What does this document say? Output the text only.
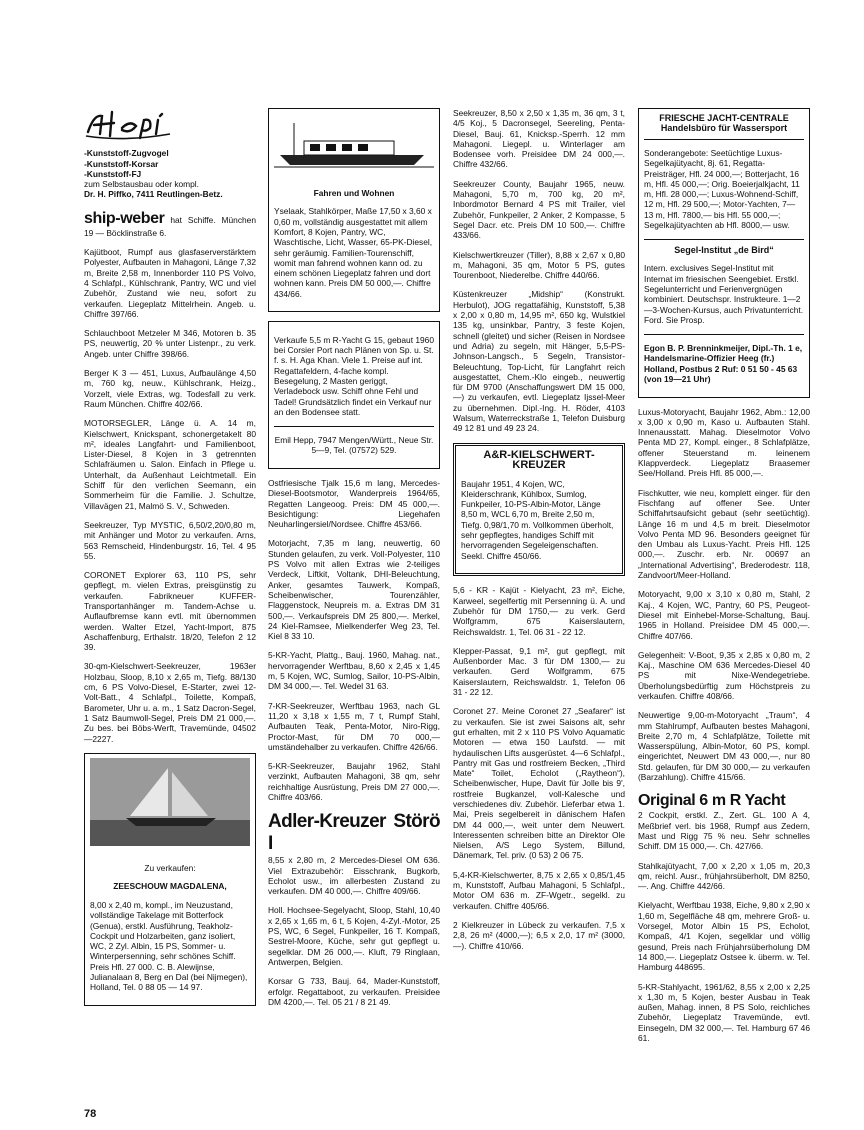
-Kunststoff-Zugvogel

-Kunststoff-Korsar

-Kunststoff-FJ

zum Selbstausbau oder kompl.

Dr. H. Piffko, 7411 Reutlingen-Betz.

ship-weber hat Schiffe. München 19 — Böcklinstraße 6.
Kajütboot, Rumpf aus glasfaserverstärktem Polyester, Aufbauten in Mahagoni, Länge 7,32 m, Breite 2,58 m, Innenborder 110 PS Volvo, 4 Schlafpl., Kühlschrank, Pantry, WC und viel Zubehör, Zustand wie neu, sofort zu verkaufen. Liegeplatz Mittelrhein. Angeb. u. Chiffre 397/66.
Schlauchboot Metzeler M 346, Motoren b. 35 PS, neuwertig, 20 % unter Listenpr., zu verk. Angeb. unter Chiffre 398/66.
Berger K 3 — 451, Luxus, Aufbaulänge 4,50 m, 760 kg, neuw., Kühlschrank, Heizg., Vorzelt, viele Extras, wg. Todesfall zu verk. Raum München. Chiffre 402/66.
MOTORSEGLER, Länge ü. A. 14 m, Kielschwert, Knickspant, schonergetakelt 80 m², ideales Langfahrt- und Familienboot, Lister-Diesel, 8 Kojen in 3 getrennten Schlafräumen u. Salon. Einfach in Pflege u. Unterhalt, da Außenhaut Leichtmetall. Ein Schiff für den verlichen Seemann, ein Sommerheim für die Familie. J. Schultze, Villavägen 21, Malmö S. V., Schweden.
Seekreuzer, Typ MYSTIC, 6,50/2,20/0,80 m, mit Anhänger und Motor zu verkaufen. Arns, 563 Remscheid, Hindenburgstr. 16, Tel. 4 95 55.
CORONET Explorer 63, 110 PS, sehr gepflegt, m. vielen Extras, preisgünstig zu verkaufen. Fabrikneuer KUFFER-Transportanhänger m. Tandem-Achse u. Auflaufbremse kann evtl. mit übernommen werden. Walter Etzel, Yacht-Import, 875 Aschaffenburg, Erthalstr. 18/20, Telefon 2 12 39.
30-qm-Kielschwert-Seekreuzer, 1963er Holzbau, Sloop, 8,10 x 2,65 m, Tiefg. 88/130 cm, 6 PS Volvo-Diesel, E-Starter, zwei 12-Volt-Batt., 4 Schlafpl., Toilette, Kompaß, Barometer, Uhr u. a. m., 1 Satz Dacron-Segel, 1 Satz Baumwoll-Segel, Preis DM 21 000,—. Zu bes. bei Böbs-Werft, Travemünde, 04502—2227.

Zu verkaufen:

ZEESCHOUW MAGDALENA,

8,00 x 2,40 m, kompl., im Neuzustand, vollständige Takelage mit Botterfock (Genua), erstkl. Ausführung, Teakholz-Cockpit und Holzarbeiten, ganz isoliert, WC, 2 Zyl. Albin, 15 PS, Sommer- u. Winterpersenning, sehr schönes Schiff. Preis Hfl. 27 000. C. B. Alewijnse, Julianalaan 8, Berg en Dal (bei Nijmegen), Holland, Tel. 0 88 05 — 14 97.

Fahren und Wohnen

Yselaak, Stahlkörper, Maße 17,50 x 3,60 x 0,60 m, vollständig ausgestattet mit allem Komfort, 8 Kojen, Pantry, WC, Waschtische, Licht, Wasser, 65-PK-Diesel, sehr geräumig. Familien-Tourenschiff, womit man fahrend wohnen kann od. zu einem schönen Liegeplatz fahren und dort wohnen kann. Preis DM 50 000,—. Chiffre 434/66.

Verkaufe 5,5 m R-Yacht G 15, gebaut 1960 bei Corsier Port nach Plänen von Sp. u. St. f. s. H. Aga Khan. Viele 1. Preise auf int. Regattafeldern, 4-fache kompl. Besegelung, 2 Masten geriggt, Verladebock usw. Schiff ohne Fehl und Tadel! Grundsätzlich findet ein Verkauf nur an den Bodensee statt.

Emil Hepp, 7947 Mengen/Württ., Neue Str. 5—9, Tel. (07572) 529.

Ostfriesische Tjalk 15,6 m lang, Mercedes-Diesel-Bootsmotor, Wanderpreis 1964/65, Regatten Langeoog. Preis: DM 45 000,—. Besichtigung: Liegehafen Neuharlingersiel/Nordsee. Chiffre 453/66.
Motorjacht, 7,35 m lang, neuwertig, 60 Stunden gelaufen, zu verk. Voll-Polyester, 110 PS Volvo mit allen Extras wie 2-teiliges Verdeck, Liftkit, Voltank, DHI-Beleuchtung, Anker, gesamtes Tauwerk, Kompaß, Scheibenwischer, Tourenzähler, Flaggenstock, Neupreis m. a. Extras DM 31 500,—. Verkaufspreis DM 25 800,—. Merkel, 24 Kiel-Ramsee, Mielkenderfer Weg 23, Tel. Kiel 8 33 10.
5-KR-Yacht, Plattg., Bauj. 1960, Mahag. nat., hervorragender Werftbau, 8,60 x 2,45 x 1,45 m, 5 Kojen, WC, Sumlog, Sailor, 10-PS-Albin, DM 34 000,—. Tel. Wedel 31 63.
7-KR-Seekreuzer, Werftbau 1963, nach GL 11,20 x 3,18 x 1,55 m, 7 t, Rumpf Stahl, Aufbauten Teak, Penta-Motor, Niro-Rigg, Proctor-Mast, für DM 70 000,— umständehalber zu verkaufen. Chiffre 426/66.
5-KR-Seekreuzer, Baujahr 1962, Stahl verzinkt, Aufbauten Mahagoni, 38 qm, sehr reichhaltige Ausrüstung, Preis DM 27 000,—. Chiffre 403/66.
Adler-Kreuzer Störö I

8,55 x 2,80 m, 2 Mercedes-Diesel OM 636. Viel Extrazubehör: Eisschrank, Bugkorb, Echolot usw., im allerbesten Zustand zu verkaufen. DM 40 000,—. Chiffre 409/66.

Holl. Hochsee-Segelyacht, Sloop, Stahl, 10,40 x 2,65 x 1,65 m, 6 t, 5 Kojen, 4-Zyl.-Motor, 25 PS, WC, 6 Segel, Funkpeiler, 16 T. Kompaß, Sestrel-Moore, Küche, sehr gut gepflegt u. segelklar. DM 26 000,—. Kluft, 79 Ringlaan, Antwerpen, Belgien.
Korsar G 733, Bauj. 64, Mader-Kunststoff, erfolgr. Regattaboot, zu verkaufen. Preisidee DM 4200,—. Tel. 05 21 / 8 21 49.
Seekreuzer, 8,50 x 2,50 x 1,35 m, 36 qm, 3 t, 4/5 Koj., 5 Dacronsegel, Seereling, Penta-Diesel, Bauj. 61, Knicksp.-Sperrh. 12 mm Mahagoni. Liegepl. u. Winterlager am Bodensee vorh. Preisidee DM 24 000,—. Chiffre 432/66.
Seekreuzer County, Baujahr 1965, neuw. Mahagoni, 5,70 m, 700 kg, 20 m², Inbordmotor Bernard 4 PS mit Trailer, viel Zubehör, Funkpeiler, 2 Anker, 2 Kompasse, 5 Segel Dacr. etc. Preis DM 10 500,—. Chiffre 433/66.
Kielschwertkreuzer (Tiller), 8,88 x 2,67 x 0,80 m, Mahagoni, 35 qm, Motor 5 PS, gutes Tourenboot, Niederelbe. Chiffre 440/66.
Küstenkreuzer „Midship“ (Konstrukt. Herbulot), JOG regattafähig, Kunststoff, 5,38 x 2,00 x 0,80 m, 14,95 m², 650 kg, Wulstkiel 135 kg, unsinkbar, Pantry, 3 feste Kojen, schnell (gleitet) und sicher (Reisen in Nordsee und Adria) zu segeln, mit Hänger, 5,5-PS-Johnson-Langsch., 5 Segeln, Transistor-Beleuchtung, Top-Licht, für Langfahrt reich ausgestattet, Chem.-Klo eingeb., neuwertig für DM 9700 (Anschaffungswert DM 15 000,—) zu verkaufen, evtl. Liegeplatz Ijssel-Meer zu übernehmen. Dipl.-Ing. H. Röder, 4103 Walsum, Waterreckstraße 1, Telefon Duisburg 49 12 81 und 49 23 24.
A&R-KIELSCHWERT-KREUZER

Baujahr 1951, 4 Kojen, WC, Kleiderschrank, Kühlbox, Sumlog, Funkpeiler, 10-PS-Albin-Motor, Länge 8,50 m, WCL 6,70 m, Breite 2,50 m, Tiefg. 0,98/1,70 m. Vollkommen überholt, sehr gepflegtes, handiges Schiff mit hervorragenden Segeleigenschaften. Seekl. Chiffre 450/66.

5,6 - KR - Kajüt - Kielyacht, 23 m², Eiche, Karweel, segelfertig mit Persenning ü. A. und Zubehör für DM 1750,— zu verk. Gerd Wolfgramm, 675 Kaiserslautern, Reichswaldstr. 1, Tel. 06 31 - 22 12.
Klepper-Passat, 9,1 m², gut gepflegt, mit Außenborder Mac. 3 für DM 1300,— zu verkaufen. Gerd Wolfgramm, 675 Kaiserslautern, Reichswaldstr. 1, Telefon 06 31 - 22 12.
Coronet 27. Meine Coronet 27 „Seafarer“ ist zu verkaufen. Sie ist zwei Saisons alt, sehr gut erhalten, mit 2 x 110 PS Volvo Aquamatic Motoren — etwa 150 Laufstd. — mit hydaulischen Lifts ausgerüstet. 4—6 Schlafpl., Pantry mit Gas und rostfreiem Becken, „Third Mate“ Toilet, Echolot („Raytheon“), Scheibenwischer, Hupe, Davit für Jolle bis 9', rostfreie Bugkanzel, voll-Kalesche und verschiedenes div. Zubehör. Lieferbar etwa 1. Mai, Preis segelbereit in dänischem Hafen DM 44 000,—, weit unter dem Neuwert. Interessenten schreiben bitte an Direktor Ole Nielsen, A/S Lego System, Billund, Dänemark, Tel. priv. (0 53) 2 06 75.
5,4-KR-Kielschwerter, 8,75 x 2,65 x 0,85/1,45 m, Kunststoff, Aufbau Mahagoni, 5 Schlafpl., Motor OM 636 m. ZF-Wgetr., segelkl. zu verkaufen. Chiffre 405/66.
2 Kielkreuzer in Lübeck zu verkaufen. 7,5 x 2,8, 26 m² (4000,—); 6,5 x 2,0, 17 m² (3000,—). Chiffre 410/66.
FRIESCHE JACHT-CENTRALE
Handelsbüro für Wassersport

Sonderangebote: Seetüchtige Luxus-Segelkajütyacht, 8j. 61, Regatta-Preisträger, Hfl. 24 000,—; Botterjacht, 16 m, Hfl. 45 000,—; Orig. Boeierjalkjacht, 11 m, Hfl. 28 000,—; Luxus-Wohnend-Schiff, 12 m, Hfl. 29 500,—; Motor-Yachten, 7—13 m, Hfl. 7800,— bis Hfl. 55 000,—; Segelkajütyachten ab Hfl. 8000,— usw.

Segel-Institut „de Bird“

Intern. exclusives Segel-Institut mit Internat im friesischen Seengebiet. Erstkl. Segelunterricht und Ferienvergnügen kombiniert. Deutschspr. Instrukteure. 1—2—3-Wochen-Kursus, auch Privatunterricht. Ford. Sie Prosp.

Egon B. P. Brenninkmeijer, Dipl.-Th. 1 e, Handelsmarine-Offizier Heeg (fr.) Holland, Postbus 2 Ruf: 0 51 50 - 45 63 (von 19—21 Uhr)

Luxus-Motoryacht, Baujahr 1962, Abm.: 12,00 x 3,00 x 0,90 m, Kaso u. Aufbauten Stahl. Innenausstatt. Mahag. Dieselmotor Volvo Penta MD 27, Kompl. einger., 8 Schlafplätze, offener Steuerstand m. leinenem Klappverdeck. Liegeplatz Braasemer See/Holland. Preis Hfl. 85 000,—.
Fischkutter, wie neu, komplett einger. für den Fischfang auf offener See. Unter Schiffahrtsaufsicht gebaut (sehr seetüchtig). Länge 16 m und 4,5 m breit. Dieselmotor Volvo Penta MD 96. Besonders geeignet für den Umbau als Luxus-Yacht. Preis Hfl. 125 000,—. Zuschr. erb. Nr. 00697 an „International Advertising“, Brederodestr. 118, Zandvoort/Meer-Holland.
Motoryacht, 9,00 x 3,10 x 0,80 m, Stahl, 2 Kaj., 4 Kojen, WC, Pantry, 60 PS, Peugeot-Diesel mit Einhebel-Morse-Schaltung, Bauj. 1965 in Holland. Preisidee DM 45 000,—. Chiffre 407/66.
Gelegenheit: V-Boot, 9,35 x 2,85 x 0,80 m, 2 Kaj., Maschine OM 636 Mercedes-Diesel 40 PS mit Nixe-Wendegetriebe. Überholungsbedürftig zum Höchstpreis zu verkaufen. Chiffre 408/66.
Neuwertige 9,00-m-Motoryacht „Traum“, 4 mm Stahlrumpf, Aufbauten bestes Mahagoni, Breite 2,70 m, 4 Schlafplätze, Toilette mit Wasserspülung, Albin-Motor, 60 PS, kompl. eingerichtet, Neuwert DM 43 000,—, nur 80 Std. gelaufen, für DM 30 000,— zu verkaufen (Barzahlung). Chiffre 415/66.
Original 6 m R Yacht

2 Cockpit, erstkl. Z., Zert. GL. 100 A 4, Meßbrief verl. bis 1968, Rumpf aus Zedern, Mast und Rigg 75 % neu. Sehr schnelles Schiff. DM 15 000,—. Ch. 427/66.

Stahlkajütyacht, 7,00 x 2,20 x 1,05 m, 20,3 qm, reichl. Ausr., frühjahrsüberholt, DM 8250,—. Ang. Chiffre 442/66.
Kielyacht, Werftbau 1938, Eiche, 9,80 x 2,90 x 1,60 m, Segelfläche 48 qm, mehrere Groß- u. Vorsegel, Motor Albin 15 PS, Echolot, Kompaß, 4/1 Kojen, segelklar und völlig gesund, Preis nach Frühjahrsüberholung DM 14 800,—. Liegeplatz Ostsee k. überm. w. Tel. Hamburg 448695.
5-KR-Stahlyacht, 1961/62, 8,55 x 2,00 x 2,25 x 1,30 m, 5 Kojen, bester Ausbau in Teak außen, Mahag. innen, 8 PS Solo, reichliches Zubehör, Liegeplatz Travemünde, evtl. Einsegeln, DM 32 000,—. Tel. Hamburg 67 46 61.
78
